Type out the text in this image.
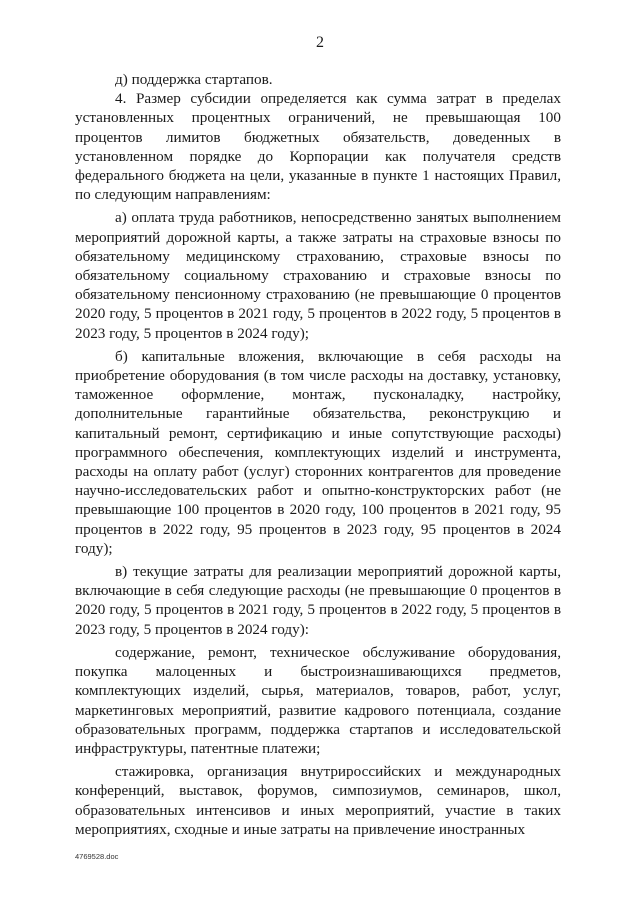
2

д) поддержка стартапов.

4. Размер субсидии определяется как сумма затрат в пределах установленных процентных ограничений, не превышающая 100 процентов лимитов бюджетных обязательств, доведенных в установленном порядке до Корпорации как получателя средств федерального бюджета на цели, указанные в пункте 1 настоящих Правил, по следующим направлениям:

а) оплата труда работников, непосредственно занятых выполнением мероприятий дорожной карты, а также затраты на страховые взносы по обязательному медицинскому страхованию, страховые взносы по обязательному социальному страхованию и страховые взносы по обязательному пенсионному страхованию (не превышающие 0 процентов 2020 году, 5 процентов в 2021 году, 5 процентов в 2022 году, 5 процентов в 2023 году, 5 процентов в 2024 году);

б) капитальные вложения, включающие в себя расходы на приобретение оборудования (в том числе расходы на доставку, установку, таможенное оформление, монтаж, пусконаладку, настройку, дополнительные гарантийные обязательства, реконструкцию и капитальный ремонт, сертификацию и иные сопутствующие расходы) программного обеспечения, комплектующих изделий и инструмента, расходы на оплату работ (услуг) сторонних контрагентов для проведение научно-исследовательских работ и опытно-конструкторских работ (не превышающие 100 процентов в 2020 году, 100 процентов в 2021 году, 95 процентов в 2022 году, 95 процентов в 2023 году, 95 процентов в 2024 году);

в) текущие затраты для реализации мероприятий дорожной карты, включающие в себя следующие расходы (не превышающие 0 процентов в 2020 году, 5 процентов в 2021 году, 5 процентов в 2022 году, 5 процентов в 2023 году, 5 процентов в 2024 году):

содержание, ремонт, техническое обслуживание оборудования, покупка малоценных и быстроизнашивающихся предметов, комплектующих изделий, сырья, материалов, товаров, работ, услуг, маркетинговых мероприятий, развитие кадрового потенциала, создание образовательных программ, поддержка стартапов и исследовательской инфраструктуры, патентные платежи;

стажировка, организация внутрироссийских и международных конференций, выставок, форумов, симпозиумов, семинаров, школ, образовательных интенсивов и иных мероприятий, участие в таких мероприятиях, сходные и иные затраты на привлечение иностранных

4769528.doc
